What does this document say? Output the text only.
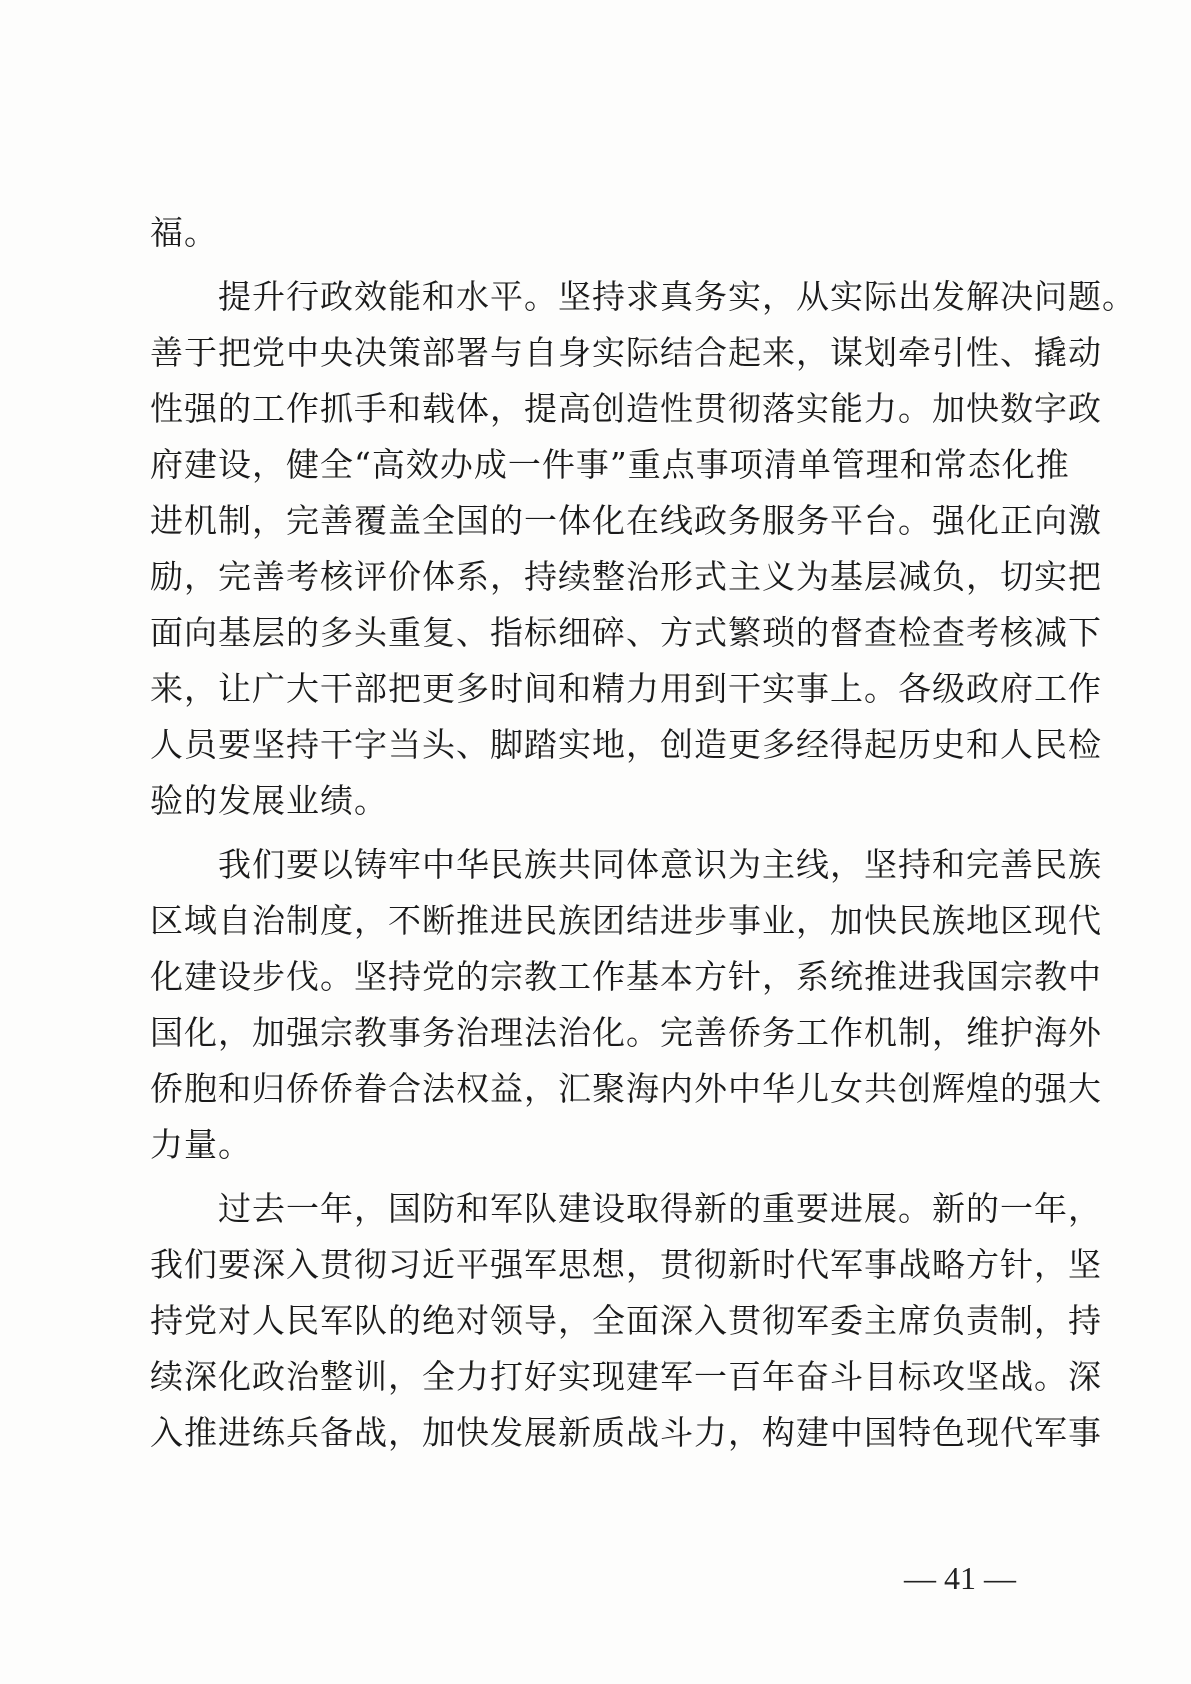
福。
　　提升行政效能和水平。坚持求真务实，从实际出发解决问题。
善于把党中央决策部署与自身实际结合起来，谋划牵引性、撬动
性强的工作抓手和载体，提高创造性贯彻落实能力。加快数字政
府建设，健全“高效办成一件事”重点事项清单管理和常态化推
进机制，完善覆盖全国的一体化在线政务服务平台。强化正向激
励，完善考核评价体系，持续整治形式主义为基层减负，切实把
面向基层的多头重复、指标细碎、方式繁琐的督查检查考核减下
来，让广大干部把更多时间和精力用到干实事上。各级政府工作
人员要坚持干字当头、脚踏实地，创造更多经得起历史和人民检
验的发展业绩。
　　我们要以铸牢中华民族共同体意识为主线，坚持和完善民族
区域自治制度，不断推进民族团结进步事业，加快民族地区现代
化建设步伐。坚持党的宗教工作基本方针，系统推进我国宗教中
国化，加强宗教事务治理法治化。完善侨务工作机制，维护海外
侨胞和归侨侨眷合法权益，汇聚海内外中华儿女共创辉煌的强大
力量。
　　过去一年，国防和军队建设取得新的重要进展。新的一年，
我们要深入贯彻习近平强军思想，贯彻新时代军事战略方针，坚
持党对人民军队的绝对领导，全面深入贯彻军委主席负责制，持
续深化政治整训，全力打好实现建军一百年奋斗目标攻坚战。深
入推进练兵备战，加快发展新质战斗力，构建中国特色现代军事
— 41 —
